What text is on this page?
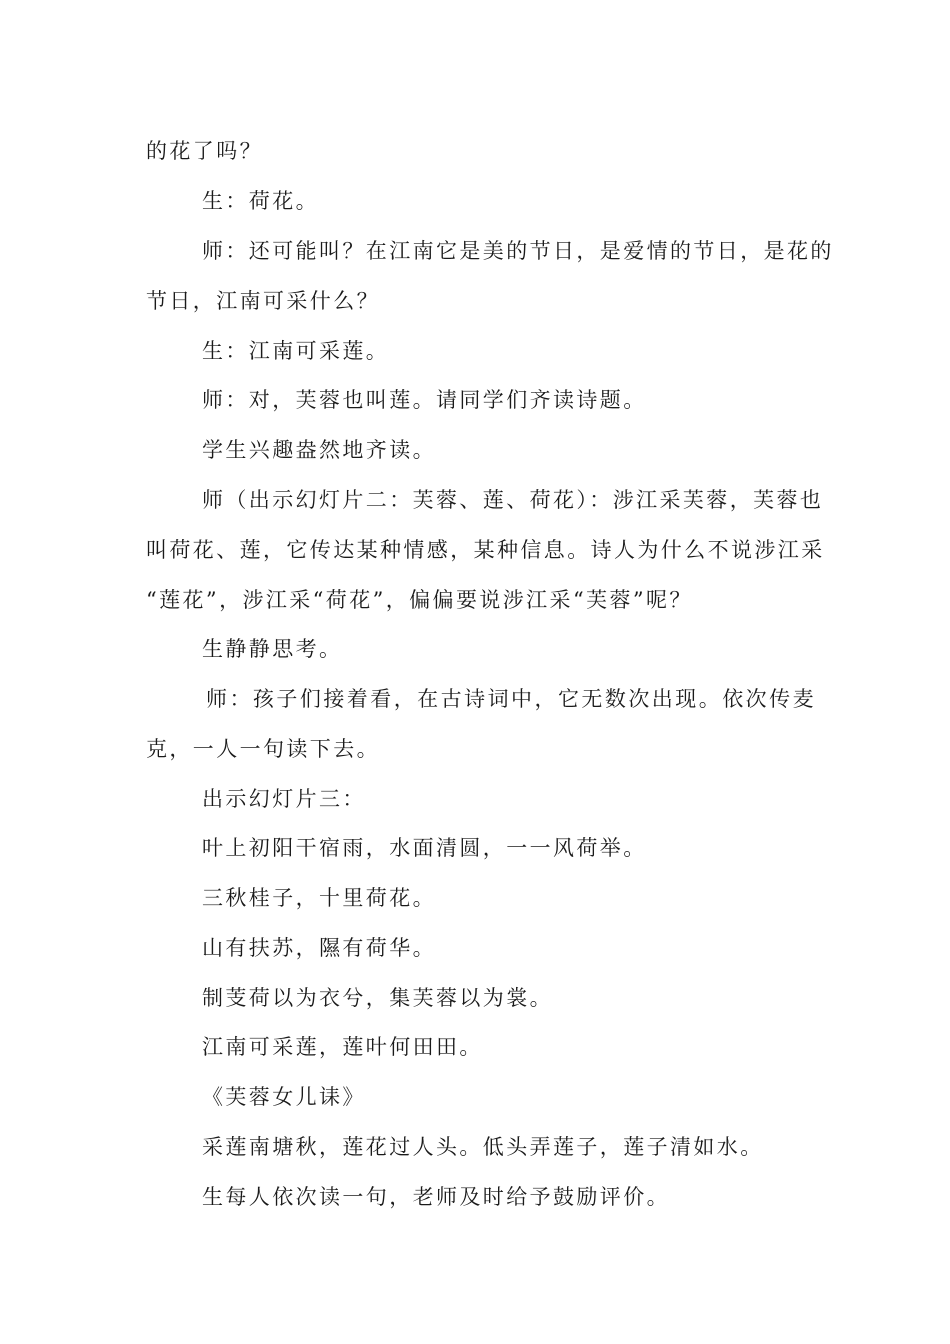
的花了吗？
生：荷花。
师：还可能叫？在江南它是美的节日，是爱情的节日，是花的
节日，江南可采什么？
生：江南可采莲。
师：对，芙蓉也叫莲。请同学们齐读诗题。
学生兴趣盎然地齐读。
师（出示幻灯片二：芙蓉、莲、荷花）：涉江采芙蓉，芙蓉也
叫荷花、莲，它传达某种情感，某种信息。诗人为什么不说涉江采
“莲花”，涉江采“荷花”，偏偏要说涉江采“芙蓉”呢？
生静静思考。
师：孩子们接着看，在古诗词中，它无数次出现。依次传麦
克，一人一句读下去。
出示幻灯片三：
叶上初阳干宿雨，水面清圆，一一风荷举。
三秋桂子，十里荷花。
山有扶苏，隰有荷华。
制芰荷以为衣兮，集芙蓉以为裳。
江南可采莲，莲叶何田田。
《芙蓉女儿诔》
采莲南塘秋，莲花过人头。低头弄莲子，莲子清如水。
生每人依次读一句，老师及时给予鼓励评价。
